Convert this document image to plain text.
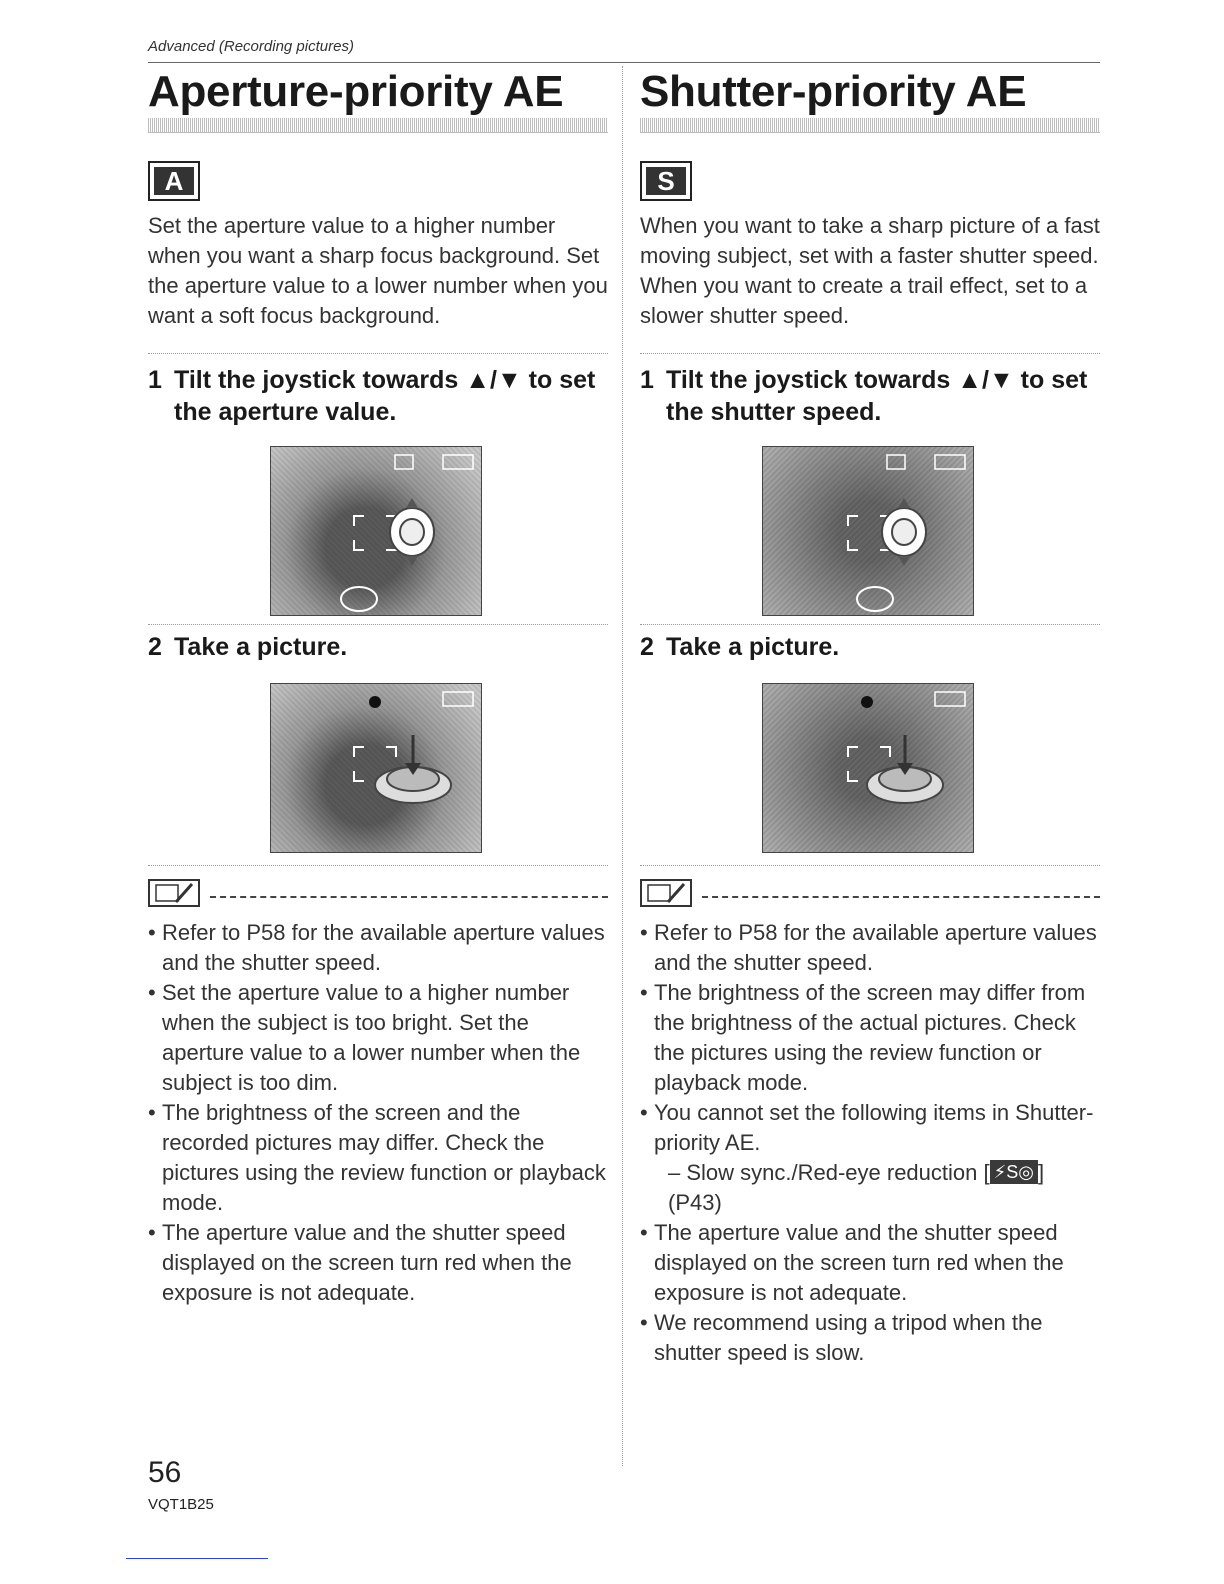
Advanced (Recording pictures)
Aperture-priority AE
A

Set the aperture value to a higher number when you want a sharp focus background. Set the aperture value to a lower number when you want a soft focus background.

1 Tilt the joystick towards ▲/▼ to set the aperture value.
2 Take a picture.
• Refer to P58 for the available aperture values and the shutter speed.
• Set the aperture value to a higher number when the subject is too bright. Set the aperture value to a lower number when the subject is too dim.
• The brightness of the screen and the recorded pictures may differ. Check the pictures using the review function or playback mode.
• The aperture value and the shutter speed displayed on the screen turn red when the exposure is not adequate.
Shutter-priority AE
S

When you want to take a sharp picture of a fast moving subject, set with a faster shutter speed. When you want to create a trail effect, set to a slower shutter speed.

1 Tilt the joystick towards ▲/▼ to set the shutter speed.
2 Take a picture.
• Refer to P58 for the available aperture values and the shutter speed.
• The brightness of the screen may differ from the brightness of the actual pictures. Check the pictures using the review function or playback mode.
• You cannot set the following items in Shutter-priority AE.
– Slow sync./Red-eye reduction [ ⚡S◎ ]
(P43)
• The aperture value and the shutter speed displayed on the screen turn red when the exposure is not adequate.
• We recommend using a tripod when the shutter speed is slow.
56
VQT1B25
